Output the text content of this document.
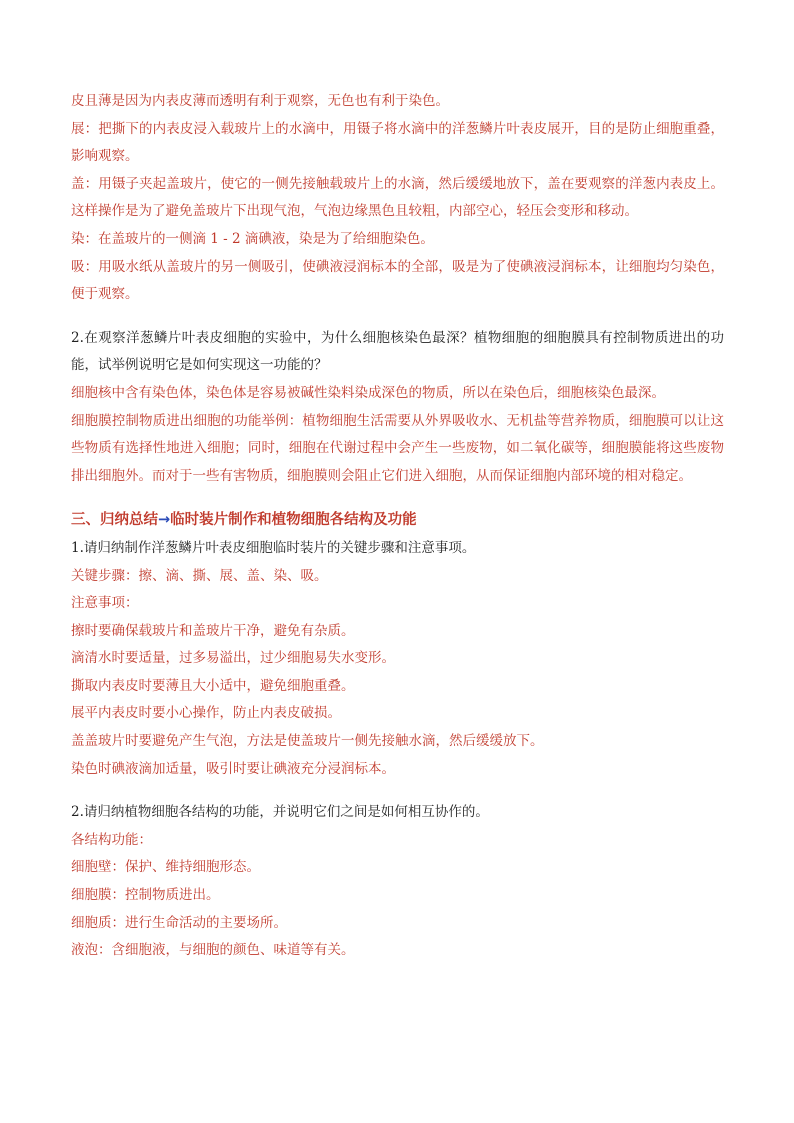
皮且薄是因为内表皮薄而透明有利于观察，无色也有利于染色。

展：把撕下的内表皮浸入载玻片上的水滴中，用镊子将水滴中的洋葱鳞片叶表皮展开，目的是防止细胞重叠，影响观察。

盖：用镊子夹起盖玻片，使它的一侧先接触载玻片上的水滴，然后缓缓地放下，盖在要观察的洋葱内表皮上。这样操作是为了避免盖玻片下出现气泡，气泡边缘黑色且较粗，内部空心，轻压会变形和移动。

染：在盖玻片的一侧滴 1 - 2 滴碘液，染是为了给细胞染色。

吸：用吸水纸从盖玻片的另一侧吸引，使碘液浸润标本的全部，吸是为了使碘液浸润标本，让细胞均匀染色，便于观察。

2.在观察洋葱鳞片叶表皮细胞的实验中，为什么细胞核染色最深？植物细胞的细胞膜具有控制物质进出的功能，试举例说明它是如何实现这一功能的？

细胞核中含有染色体，染色体是容易被碱性染料染成深色的物质，所以在染色后，细胞核染色最深。

细胞膜控制物质进出细胞的功能举例：植物细胞生活需要从外界吸收水、无机盐等营养物质，细胞膜可以让这些物质有选择性地进入细胞；同时，细胞在代谢过程中会产生一些废物，如二氧化碳等，细胞膜能将这些废物排出细胞外。而对于一些有害物质，细胞膜则会阻止它们进入细胞，从而保证细胞内部环境的相对稳定。

三、归纳总结→临时装片制作和植物细胞各结构及功能

1.请归纳制作洋葱鳞片叶表皮细胞临时装片的关键步骤和注意事项。

关键步骤：擦、滴、撕、展、盖、染、吸。

注意事项：

擦时要确保载玻片和盖玻片干净，避免有杂质。

滴清水时要适量，过多易溢出，过少细胞易失水变形。

撕取内表皮时要薄且大小适中，避免细胞重叠。

展平内表皮时要小心操作，防止内表皮破损。

盖盖玻片时要避免产生气泡，方法是使盖玻片一侧先接触水滴，然后缓缓放下。

染色时碘液滴加适量，吸引时要让碘液充分浸润标本。

2.请归纳植物细胞各结构的功能，并说明它们之间是如何相互协作的。

各结构功能：

细胞壁：保护、维持细胞形态。

细胞膜：控制物质进出。

细胞质：进行生命活动的主要场所。

液泡：含细胞液，与细胞的颜色、味道等有关。
